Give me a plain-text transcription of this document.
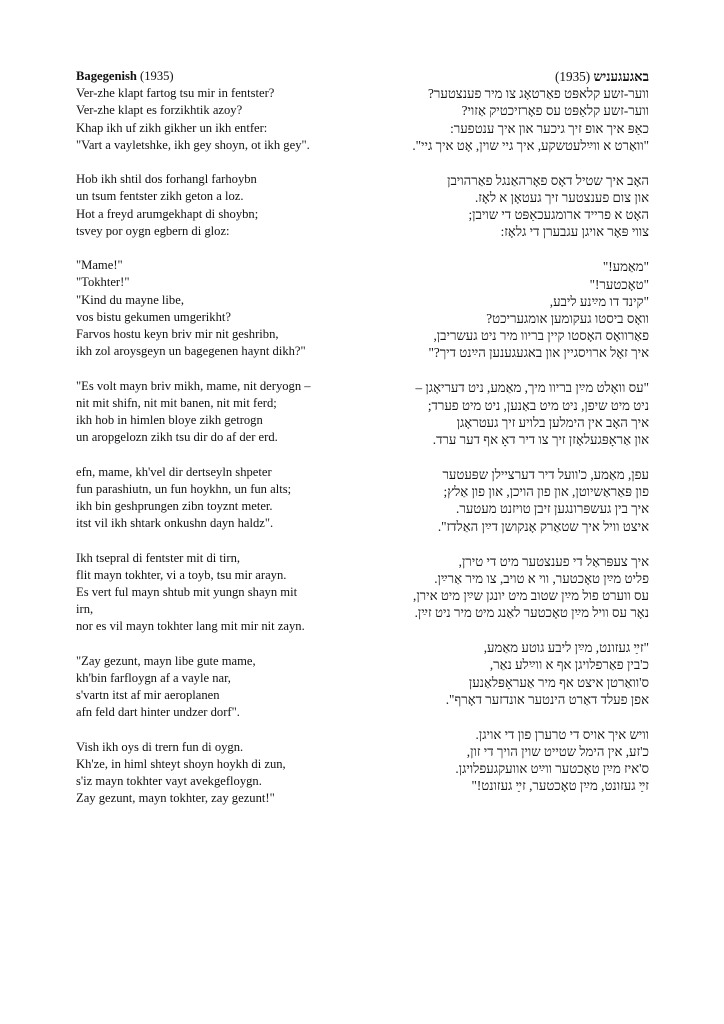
Bagegenish (1935)

Ver-zhe klapt fartog tsu mir in fentster?
Ver-zhe klapt es forzikhtik azoy?
Khap ikh uf zikh gikher un ikh entfer:
"Vart a vayletshke, ikh gey shoyn, ot ikh gey".

Hob ikh shtil dos forhangl farhoybn
un tsum fentster zikh geton a loz.
Hot a freyd arumgekhapt di shoybn;
tsvey por oygn egbern di gloz:

"Mame!"
"Tokhter!"
"Kind du mayne libe,
vos bistu gekumen umgerikht?
Farvos hostu keyn briv mir nit geshribn,
ikh zol aroysgeyn un bagegenen haynt dikh?"

"Es volt mayn briv mikh, mame, nit deryogn –
nit mit shifn, nit mit banen, nit mit ferd;
ikh hob in himlen bloye zikh getrogn
un aropgelozn zikh tsu dir do af der erd.

efn, mame, kh'vel dir dertseyln shpeter
fun parashiutn, un fun hoykhn, un fun alts;
ikh bin geshprungen zibn toyznt meter.
itst vil ikh shtark onkushn dayn haldz".

Ikh tsepral di fentster mit di tirn,
flit mayn tokhter, vi a toyb, tsu mir arayn.
Es vert ful mayn shtub mit yungn shayn mit
irn,
nor es vil mayn tokhter lang mit mir nit zayn.

"Zay gezunt, mayn libe gute mame,
kh'bin farfloygn af a vayle nar,
s'vartn itst af mir aeroplanen
afn feld dart hinter undzer dorf".

Vish ikh oys di trern fun di oygn.
Kh'ze, in himl shteyt shoyn hoykh di zun,
s'iz mayn tokhter vayt avekgefloygn.
Zay gezunt, mayn tokhter, zay gezunt!"

באגעגעניש (1935)

ווער-זשע קלאפּט פאַרטאָג צו מיר פענצטער?
ווער-זשע קלאַפּט עס פאָרזיכטיק אַזוי?
כאַפּ איך אופ זיך גיכער און איך ענטפער:
"וואַרט א ווײַלעטשקע, איך גיי שוין, אָט איך גיי".

האָב איך שטיל דאָס פאָרהאַנגל פאַרהויבן
און צום פענצטער זיך געטאָן א לאָז.
האָט א פרייד ארומגעכאַפּט די שויבן;
צווי פּאָר אויגן עגבערן די גלאָז:

"מאַמע!"
"טאָכטער!"
"קינד דו מײַנע ליבע,
וואָס ביסטו געקומען אומגעריכט?
פאַרוואָס האָסטו קיין בריוו מיר ניט געשריבן,
איך זאָל ארויסגיין און באגעגענען הײַנט דיך?"

"עס וואָלט מײַן בריוו מיך, מאַמע, ניט דעריאָגן –
ניט מיט שיפן, ניט מיט באַנען, ניט מיט פערד;
איך האָב אין הימלען בלויע זיך געטראָגן
און אַראָפּגעלאָזן זיך צו דיר דאָ אף דער ערד.

עפן, מאַמע, כ'וועל דיר דערציילן שפּעטער
פון פּאַראַשיוטן, און פון הויכן, און פון אַלץ;
איך בין געשפּרונגען זיבן טויזנט מעטער.
איצט וויל איך שטאַרק אָנקושן דײַן האַלדז".

איך צעפּראַל די פענצטער מיט די טירן,
פליט מײַן טאָכטער, ווי א טויב, צו מיר אַרײַן.
עס ווערט פול מײַן שטוב מיט יונגן שײַן מיט אירן,
נאָר עס וויל מײַן טאָכטער לאַנג מיט מיר ניט זײַן.

"זײַ געזונט, מײַן ליבע גוטע מאַמע,
כ'בין פאַרפלויגן אף א ווײַלע נאַר,
ס'וואַרטן איצט אף מיר אַעראָפּלאַנען
אפן פעלד דאַרט הינטער אונדזער דאָרף".

וויש איך אויס די טרערן פון די אויגן.
כ'זע, אין הימל שטייט שוין הויך די זון,
ס'איז מײַן טאָכטער ווײַט אוועקגעפלויגן.
זײַ געזונט, מײַן טאָכטער, זײַ געזונט!"
